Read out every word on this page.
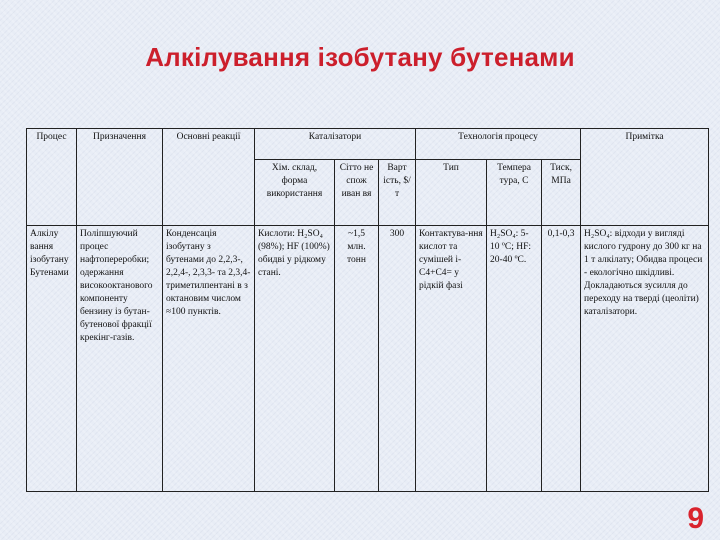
Алкілування ізобутану бутенами
Процес	Призначення	Основні реакції	Каталізатори			Технологія процесу			Примітка
			Хім. склад, форма використання	Сітто не спож иван вя	Варт ість, $/т	Тип	Темпера тура, С	Тиск, МПа	
Алкілу вання ізобутану Бутенами	Поліпшуючий процес нафтопереробки; одержання високооктанового компоненту бензину із бутан-бутенової фракції крекінг-газів.	Конденсація ізобутану з бутенами до 2,2,3-, 2,2,4-, 2,3,3- та 2,3,4-триметилпентані в з октановим числом ≈100 пунктів.	Кислоти: H₂SO₄ (98%); HF (100%) обидві у рідкому стані.	~1,5 млн. тонн	300	Контактува-ння кислот та сумішей і-С4+С4= у рідкій фазі	H₂SO₄: 5-10 ºС; HF: 20-40 ºС.	0,1-0,3	H₂SO₄: відходи у вигляді кислого гудрону до 300 кг на 1 т алкілату; Обидва процеси - екологічно шкідливі. Докладаються зусилля до переходу на тверді (цеоліти) каталізатори.
9
